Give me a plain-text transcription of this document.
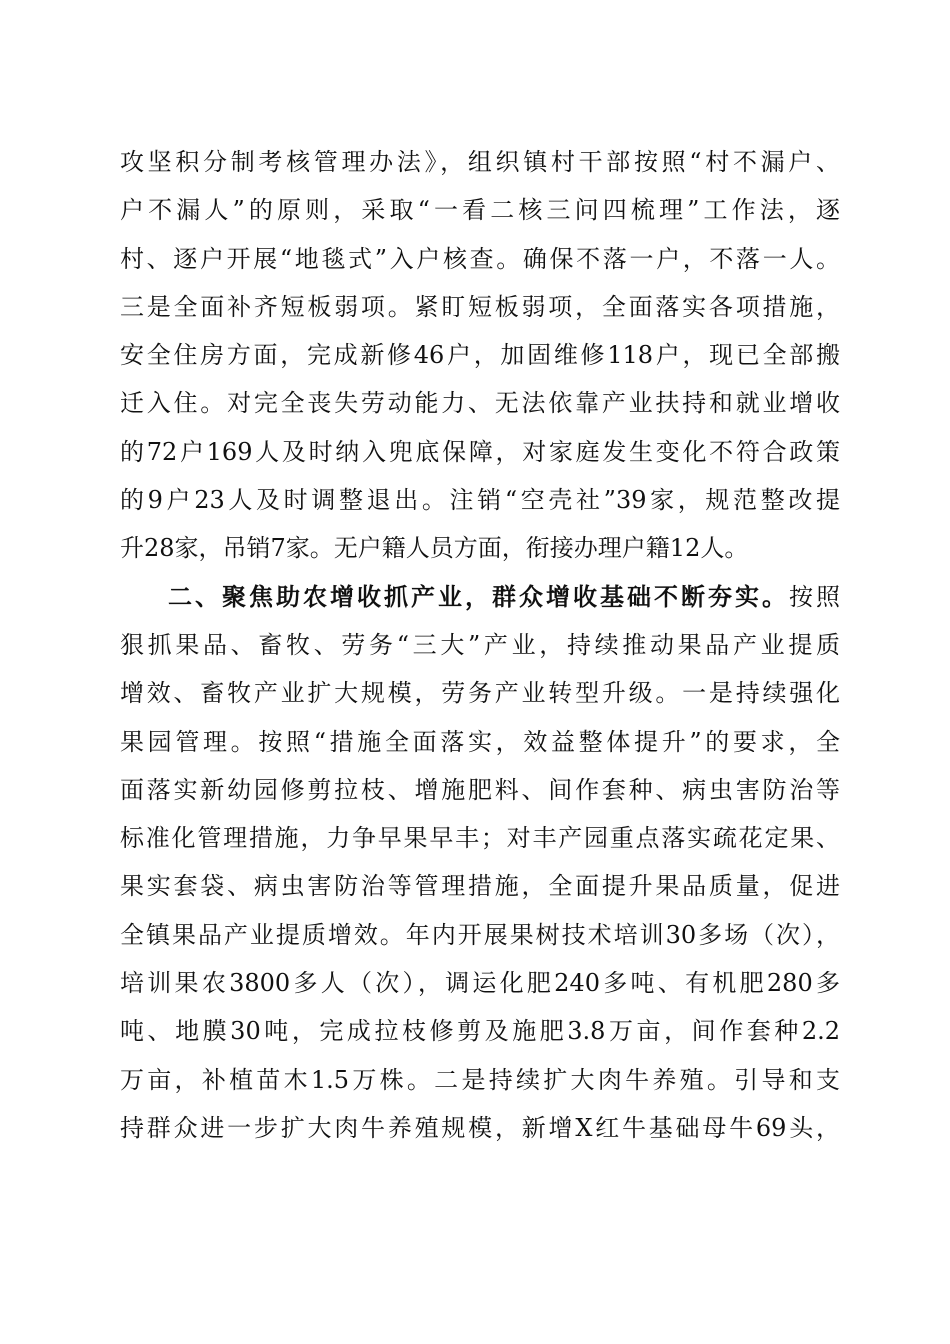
攻坚积分制考核管理办法》，组织镇村干部按照“村不漏户、
户不漏人”的原则，采取“一看二核三问四梳理”工作法，逐
村、逐户开展“地毯式”入户核查。确保不落一户，不落一人。
三是全面补齐短板弱项。紧盯短板弱项，全面落实各项措施，
安全住房方面，完成新修46户，加固维修118户，现已全部搬
迁入住。对完全丧失劳动能力、无法依靠产业扶持和就业增收
的72户169人及时纳入兜底保障，对家庭发生变化不符合政策
的9户23人及时调整退出。注销“空壳社”39家，规范整改提
升28家，吊销7家。无户籍人员方面，衔接办理户籍12人。
二、聚焦助农增收抓产业，群众增收基础不断夯实。按照
狠抓果品、畜牧、劳务“三大”产业，持续推动果品产业提质
增效、畜牧产业扩大规模，劳务产业转型升级。一是持续强化
果园管理。按照“措施全面落实，效益整体提升”的要求，全
面落实新幼园修剪拉枝、增施肥料、间作套种、病虫害防治等
标准化管理措施，力争早果早丰；对丰产园重点落实疏花定果、
果实套袋、病虫害防治等管理措施，全面提升果品质量，促进
全镇果品产业提质增效。年内开展果树技术培训30多场（次），
培训果农3800多人（次），调运化肥240多吨、有机肥280多
吨、地膜30吨，完成拉枝修剪及施肥3.8万亩，间作套种2.2
万亩，补植苗木1.5万株。二是持续扩大肉牛养殖。引导和支
持群众进一步扩大肉牛养殖规模，新增X红牛基础母牛69头，
